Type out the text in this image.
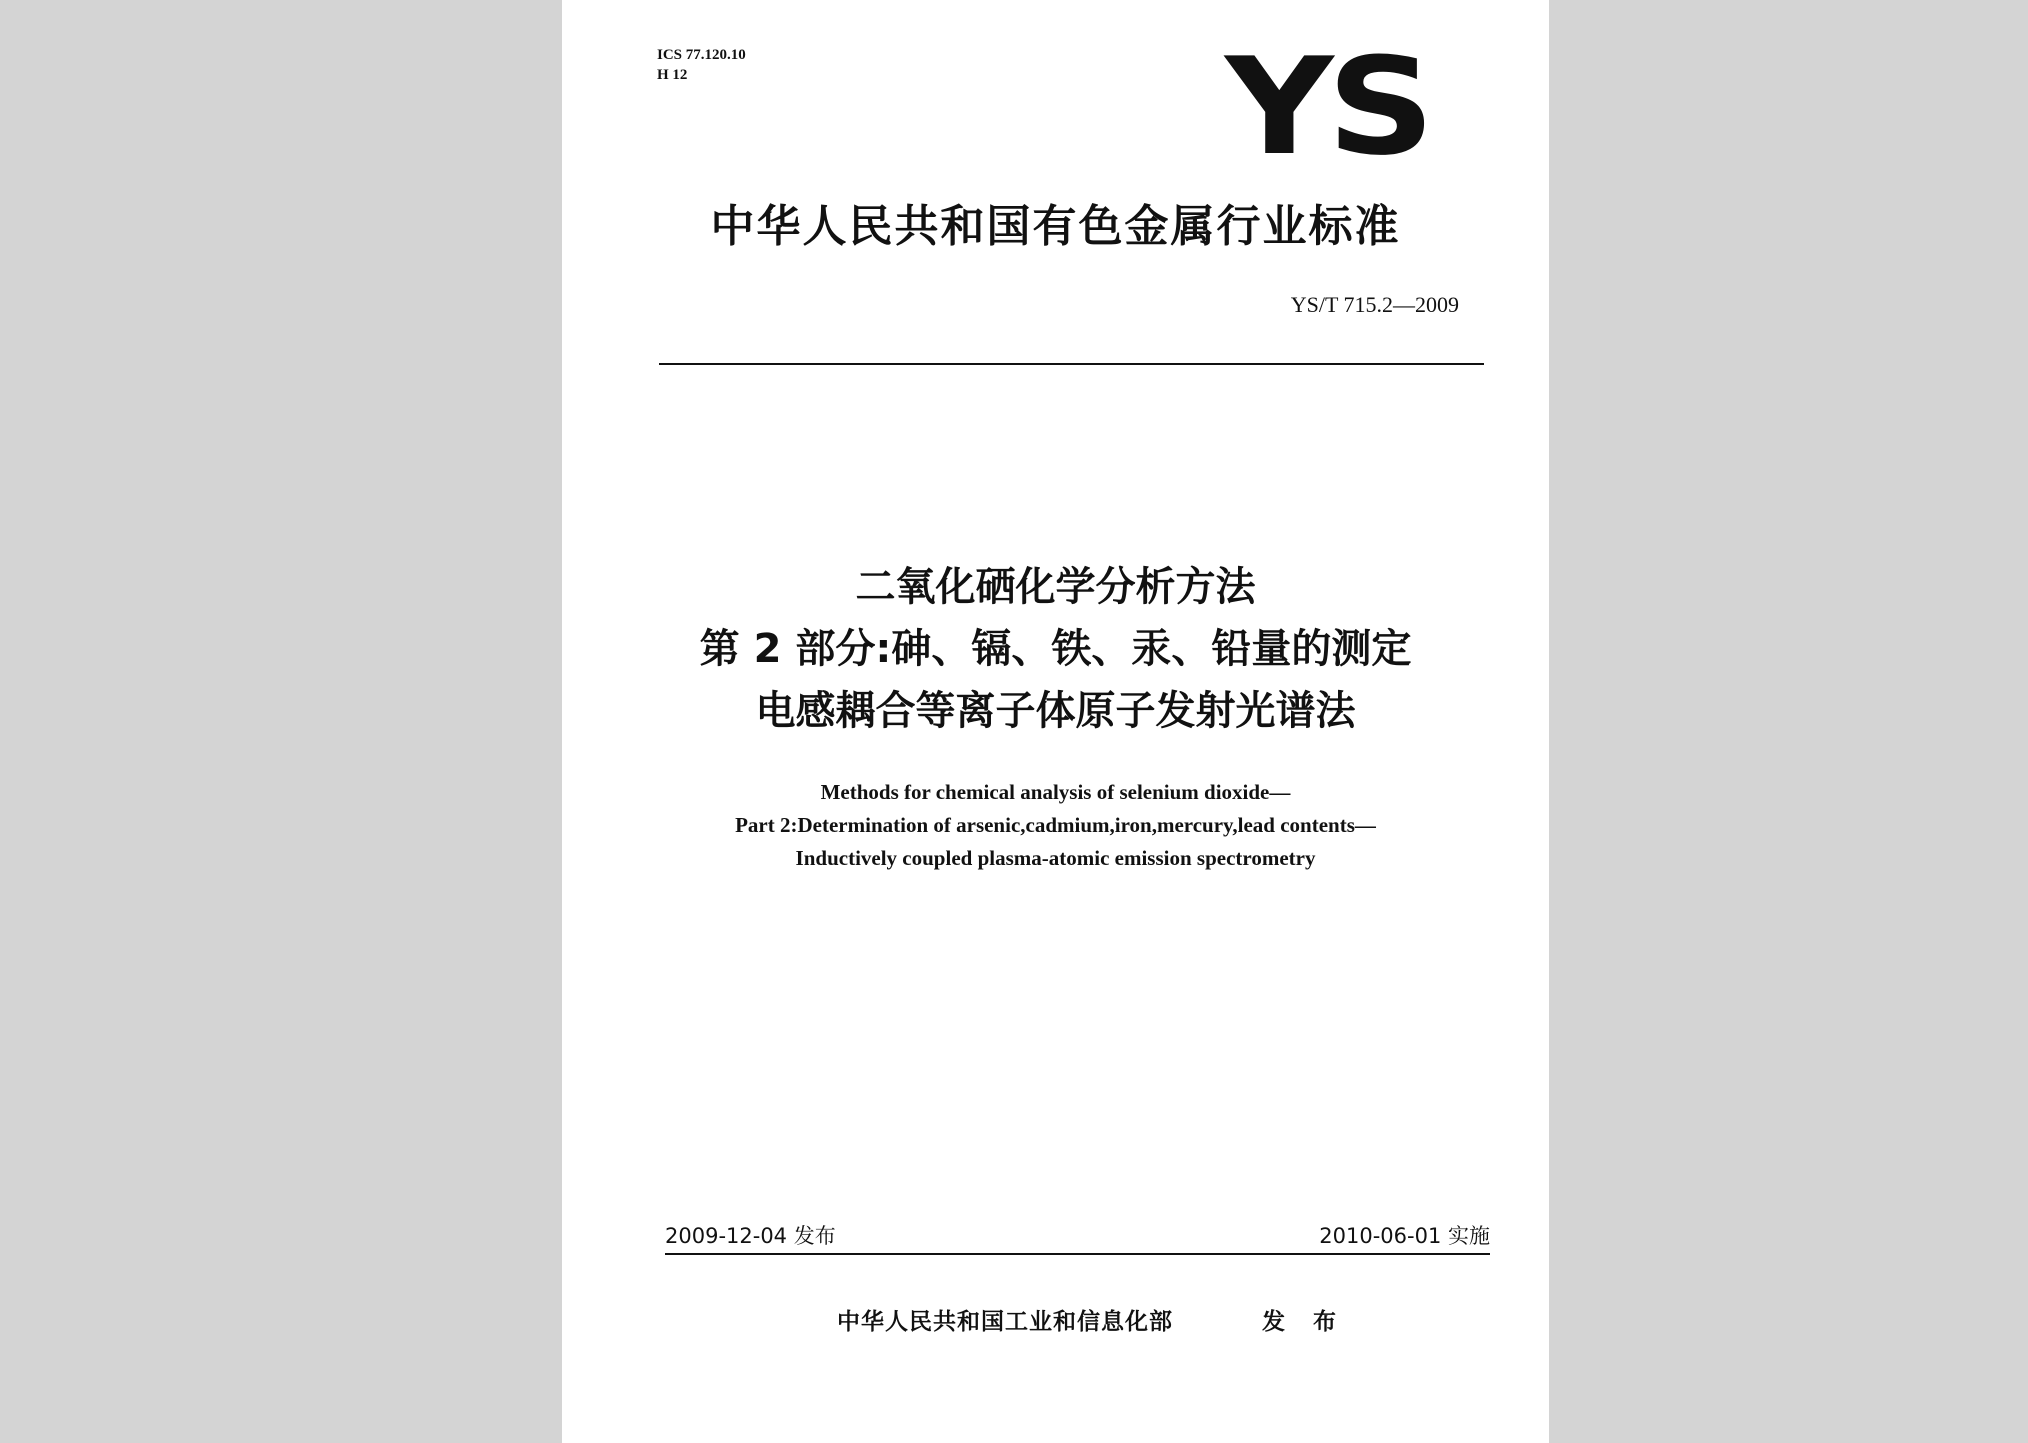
ICS 77.120.10
H 12	YS
中华人民共和国有色金属行业标准
YS/T 715.2—2009
二氧化硒化学分析方法
第 2 部分:砷、镉、铁、汞、铅量的测定
电感耦合等离子体原子发射光谱法
Methods for chemical analysis of selenium dioxide—
Part 2:Determination of arsenic,cadmium,iron,mercury,lead contents—
Inductively coupled plasma-atomic emission spectrometry
2009-12-04 发布	2010-06-01 实施
中华人民共和国工业和信息化部	发 布
